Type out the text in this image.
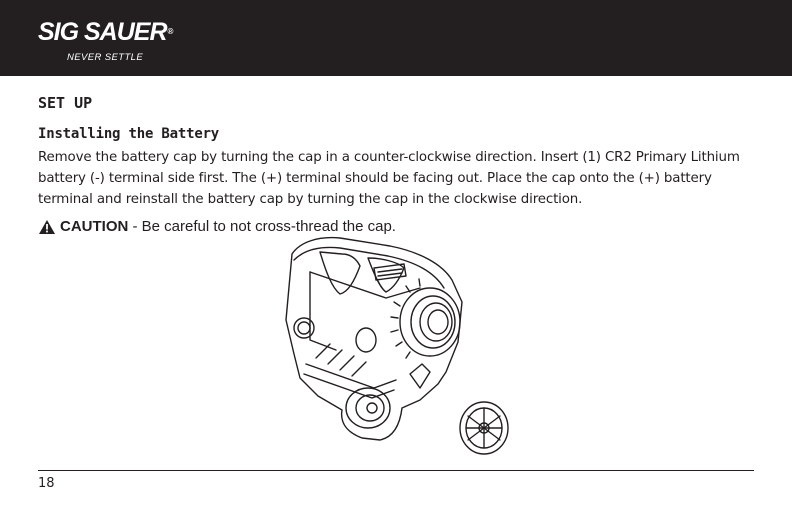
SIG SAUER®
NEVER SETTLE
SET UP
Installing the Battery
Remove the battery cap by turning the cap in a counter-clockwise direction. Insert (1) CR2 Primary Lithium battery (-) terminal side first. The (+) terminal should be facing out. Place the cap onto the (+) battery terminal and reinstall the battery cap by turning the cap in the clockwise direction.
CAUTION - Be careful to not cross-thread the cap.
18
